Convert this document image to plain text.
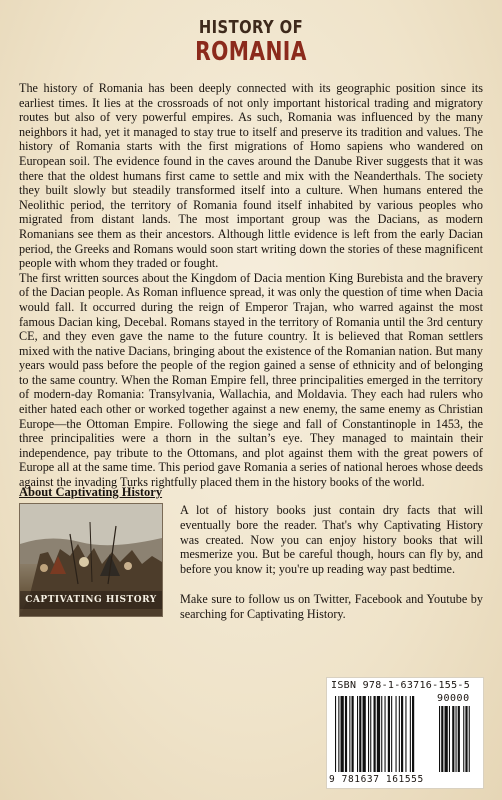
HISTORY OF
ROMANIA

The history of Romania has been deeply connected with its geographic position since its earliest times. It lies at the crossroads of not only important historical trading and migratory routes but also of very powerful empires. As such, Romania was influenced by the many neighbors it had, yet it managed to stay true to itself and preserve its tradition and values. The history of Romania starts with the first migrations of Homo sapiens who wandered on European soil. The evidence found in the caves around the Danube River suggests that it was there that the oldest humans first came to settle and mix with the Neanderthals. The society they built slowly but steadily transformed itself into a culture. When humans entered the Neolithic period, the territory of Romania found itself inhabited by various peoples who migrated from distant lands. The most important group was the Dacians, as modern Romanians see them as their ancestors. Although little evidence is left from the early Dacian period, the Greeks and Romans would soon start writing down the stories of these magnificent people with whom they traded or fought.

The first written sources about the Kingdom of Dacia mention King Burebista and the bravery of the Dacian people. As Roman influence spread, it was only the question of time when Dacia would fall. It occurred during the reign of Emperor Trajan, who warred against the most famous Dacian king, Decebal. Romans stayed in the territory of Romania until the 3rd century CE, and they even gave the name to the future country. It is believed that Roman settlers mixed with the native Dacians, bringing about the existence of the Romanian nation. But many years would pass before the people of the region gained a sense of ethnicity and of belonging to the same country. When the Roman Empire fell, three principalities emerged in the territory of modern-day Romania: Transylvania, Wallachia, and Moldavia. They each had rulers who either hated each other or worked together against a new enemy, the same enemy as Christian Europe—the Ottoman Empire. Following the siege and fall of Constantinople in 1453, the three principalities were a thorn in the sultan’s eye. They managed to maintain their independence, pay tribute to the Ottomans, and plot against them with the great powers of Europe all at the same time. This period gave Romania a series of national heroes whose deeds against the invading Turks rightfully placed them in the history books of the world.

About Captivating History
CAPTIVATING HISTORY

A lot of history books just contain dry facts that will eventually bore the reader. That's why Captivating History was created. Now you can enjoy history books that will mesmerize you. But be careful though, hours can fly by, and before you know it; you're up reading way past bedtime.

Make sure to follow us on Twitter, Facebook and Youtube by searching for Captivating History.

ISBN 978-1-63716-155-5
90000
9 781637 161555
